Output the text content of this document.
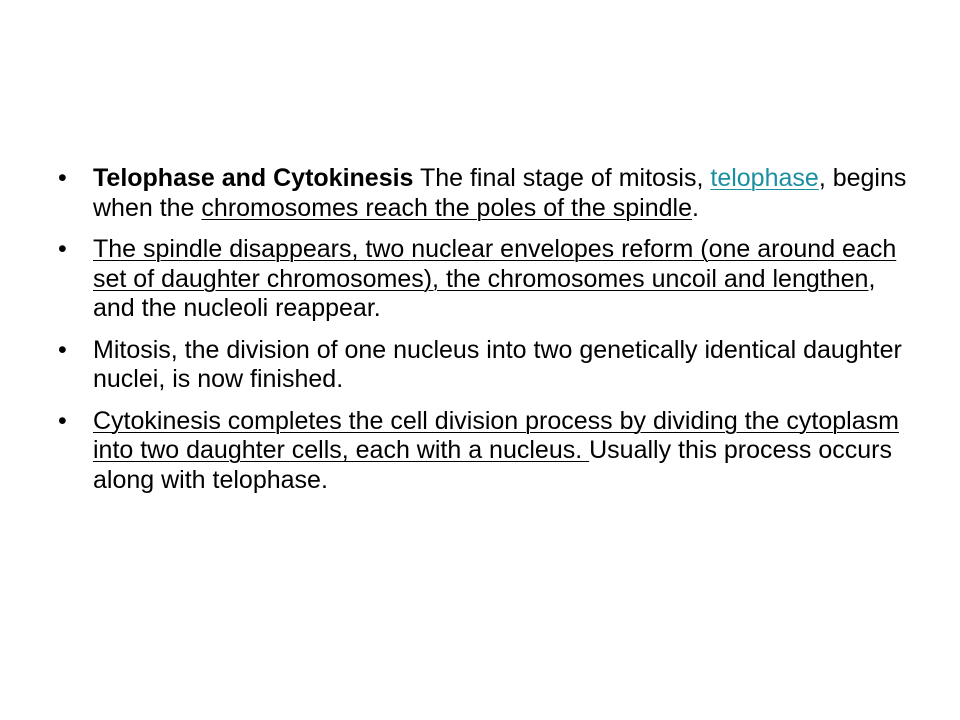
• Telophase and Cytokinesis The final stage of mitosis, telophase, begins when the chromosomes reach the poles of the spindle.
• The spindle disappears, two nuclear envelopes reform (one around each set of daughter chromosomes), the chromosomes uncoil and lengthen, and the nucleoli reappear.
• Mitosis, the division of one nucleus into two genetically identical daughter nuclei, is now finished.
• Cytokinesis completes the cell division process by dividing the cytoplasm into two daughter cells, each with a nucleus. Usually this process occurs along with telophase.
